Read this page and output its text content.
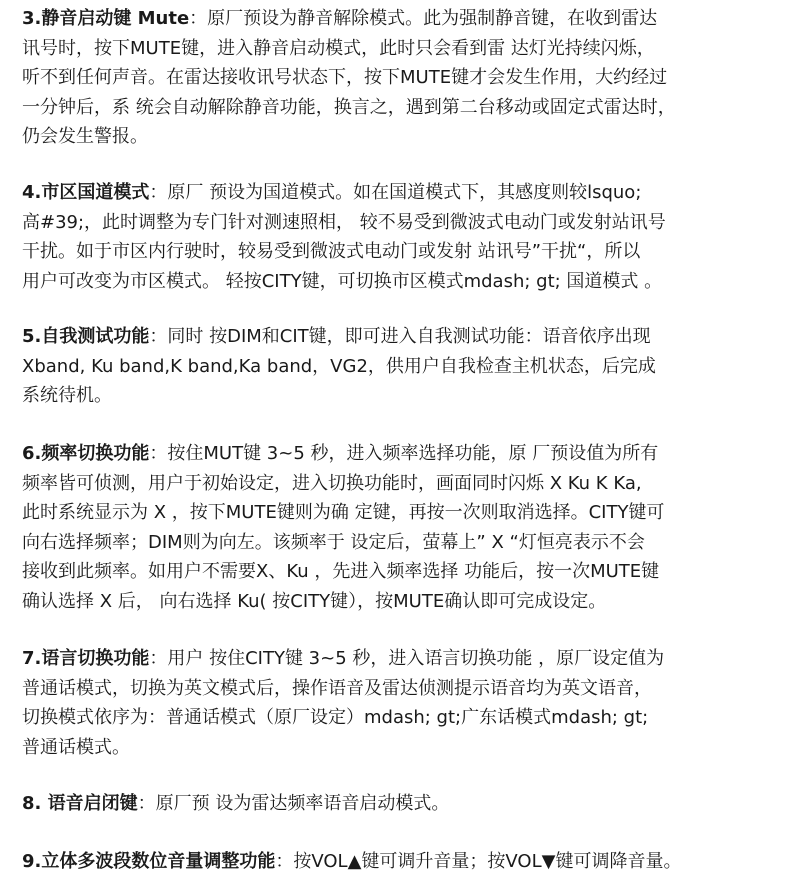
3.静音启动键 Mute：原厂预设为静音解除模式。此为强制静音键，在收到雷达
讯号时，按下MUTE键，进入静音启动模式，此时只会看到雷 达灯光持续闪烁，
听不到任何声音。在雷达接收讯号状态下，按下MUTE键才会发生作用，大约经过
一分钟后，系 统会自动解除静音功能，换言之，遇到第二台移动或固定式雷达时，
仍会发生警报。
4.市区国道模式：原厂 预设为国道模式。如在国道模式下，其感度则较lsquo;
高#39;，此时调整为专门针对测速照相， 较不易受到微波式电动门或发射站讯号
干扰。如于市区内行驶时，较易受到微波式电动门或发射 站讯号”干扰“，所以
用户可改变为市区模式。 轻按CITY键，可切换市区模式mdash; gt; 国道模式 。
5.自我测试功能：同时 按DIM和CIT键，即可进入自我测试功能：语音依序出现
Xband, Ku band,K band,Ka band，VG2，供用户自我检查主机状态，后完成
系统待机。
6.频率切换功能：按住MUT键 3~5 秒，进入频率选择功能，原 厂预设值为所有
频率皆可侦测，用户于初始设定，进入切换功能时，画面同时闪烁 X Ku K Ka,
此时系统显示为 X ，按下MUTE键则为确 定键，再按一次则取消选择。CITY键可
向右选择频率；DIM则为向左。该频率于 设定后，萤幕上” X “灯恒亮表示不会
接收到此频率。如用户不需要X、Ku ，先进入频率选择 功能后，按一次MUTE键
确认选择 X 后， 向右选择 Ku( 按CITY键），按MUTE确认即可完成设定。
7.语言切换功能：用户 按住CITY键 3~5 秒，进入语言切换功能 ，原厂设定值为
普通话模式，切换为英文模式后，操作语音及雷达侦测提示语音均为英文语音，
切换模式依序为：普通话模式（原厂设定）mdash; gt;广东话模式mdash; gt;
普通话模式。
8. 语音启闭键：原厂预 设为雷达频率语音启动模式。
9.立体多波段数位音量调整功能：按VOL▲键可调升音量；按VOL▼键可调降音量。
